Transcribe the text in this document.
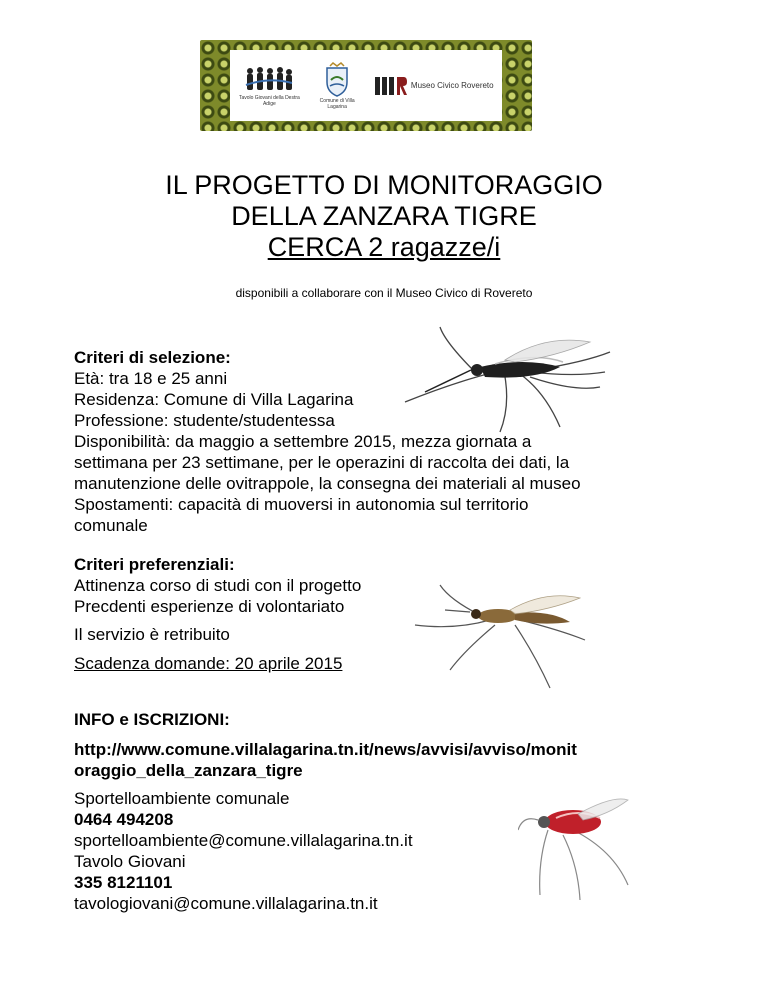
Tavolo Giovani della Destra Adige	Comune di Villa Lagarina
Museo Civico Rovereto
IL PROGETTO DI MONITORAGGIO
DELLA ZANZARA TIGRE
CERCA 2 ragazze/i
disponibili a collaborare con il Museo Civico di Rovereto
Criteri di selezione:
Età: tra 18 e 25 anni
Residenza: Comune di Villa Lagarina
Professione: studente/studentessa
Disponibilità: da maggio a settembre 2015, mezza giornata a
settimana per 23 settimane, per le operazini di raccolta dei dati, la
manutenzione delle ovitrappole, la consegna dei materiali al museo
Spostamenti: capacità di muoversi in autonomia sul territorio
comunale
Criteri preferenziali:
Attinenza corso di studi con il progetto
Precdenti esperienze di volontariato
Il servizio è retribuito
Scadenza domande: 20 aprile 2015
INFO e ISCRIZIONI:
http://www.comune.villalagarina.tn.it/news/avvisi/avviso/monit
oraggio_della_zanzara_tigre
Sportelloambiente comunale
0464 494208
sportelloambiente@comune.villalagarina.tn.it
Tavolo Giovani
335 8121101
tavologiovani@comune.villalagarina.tn.it
